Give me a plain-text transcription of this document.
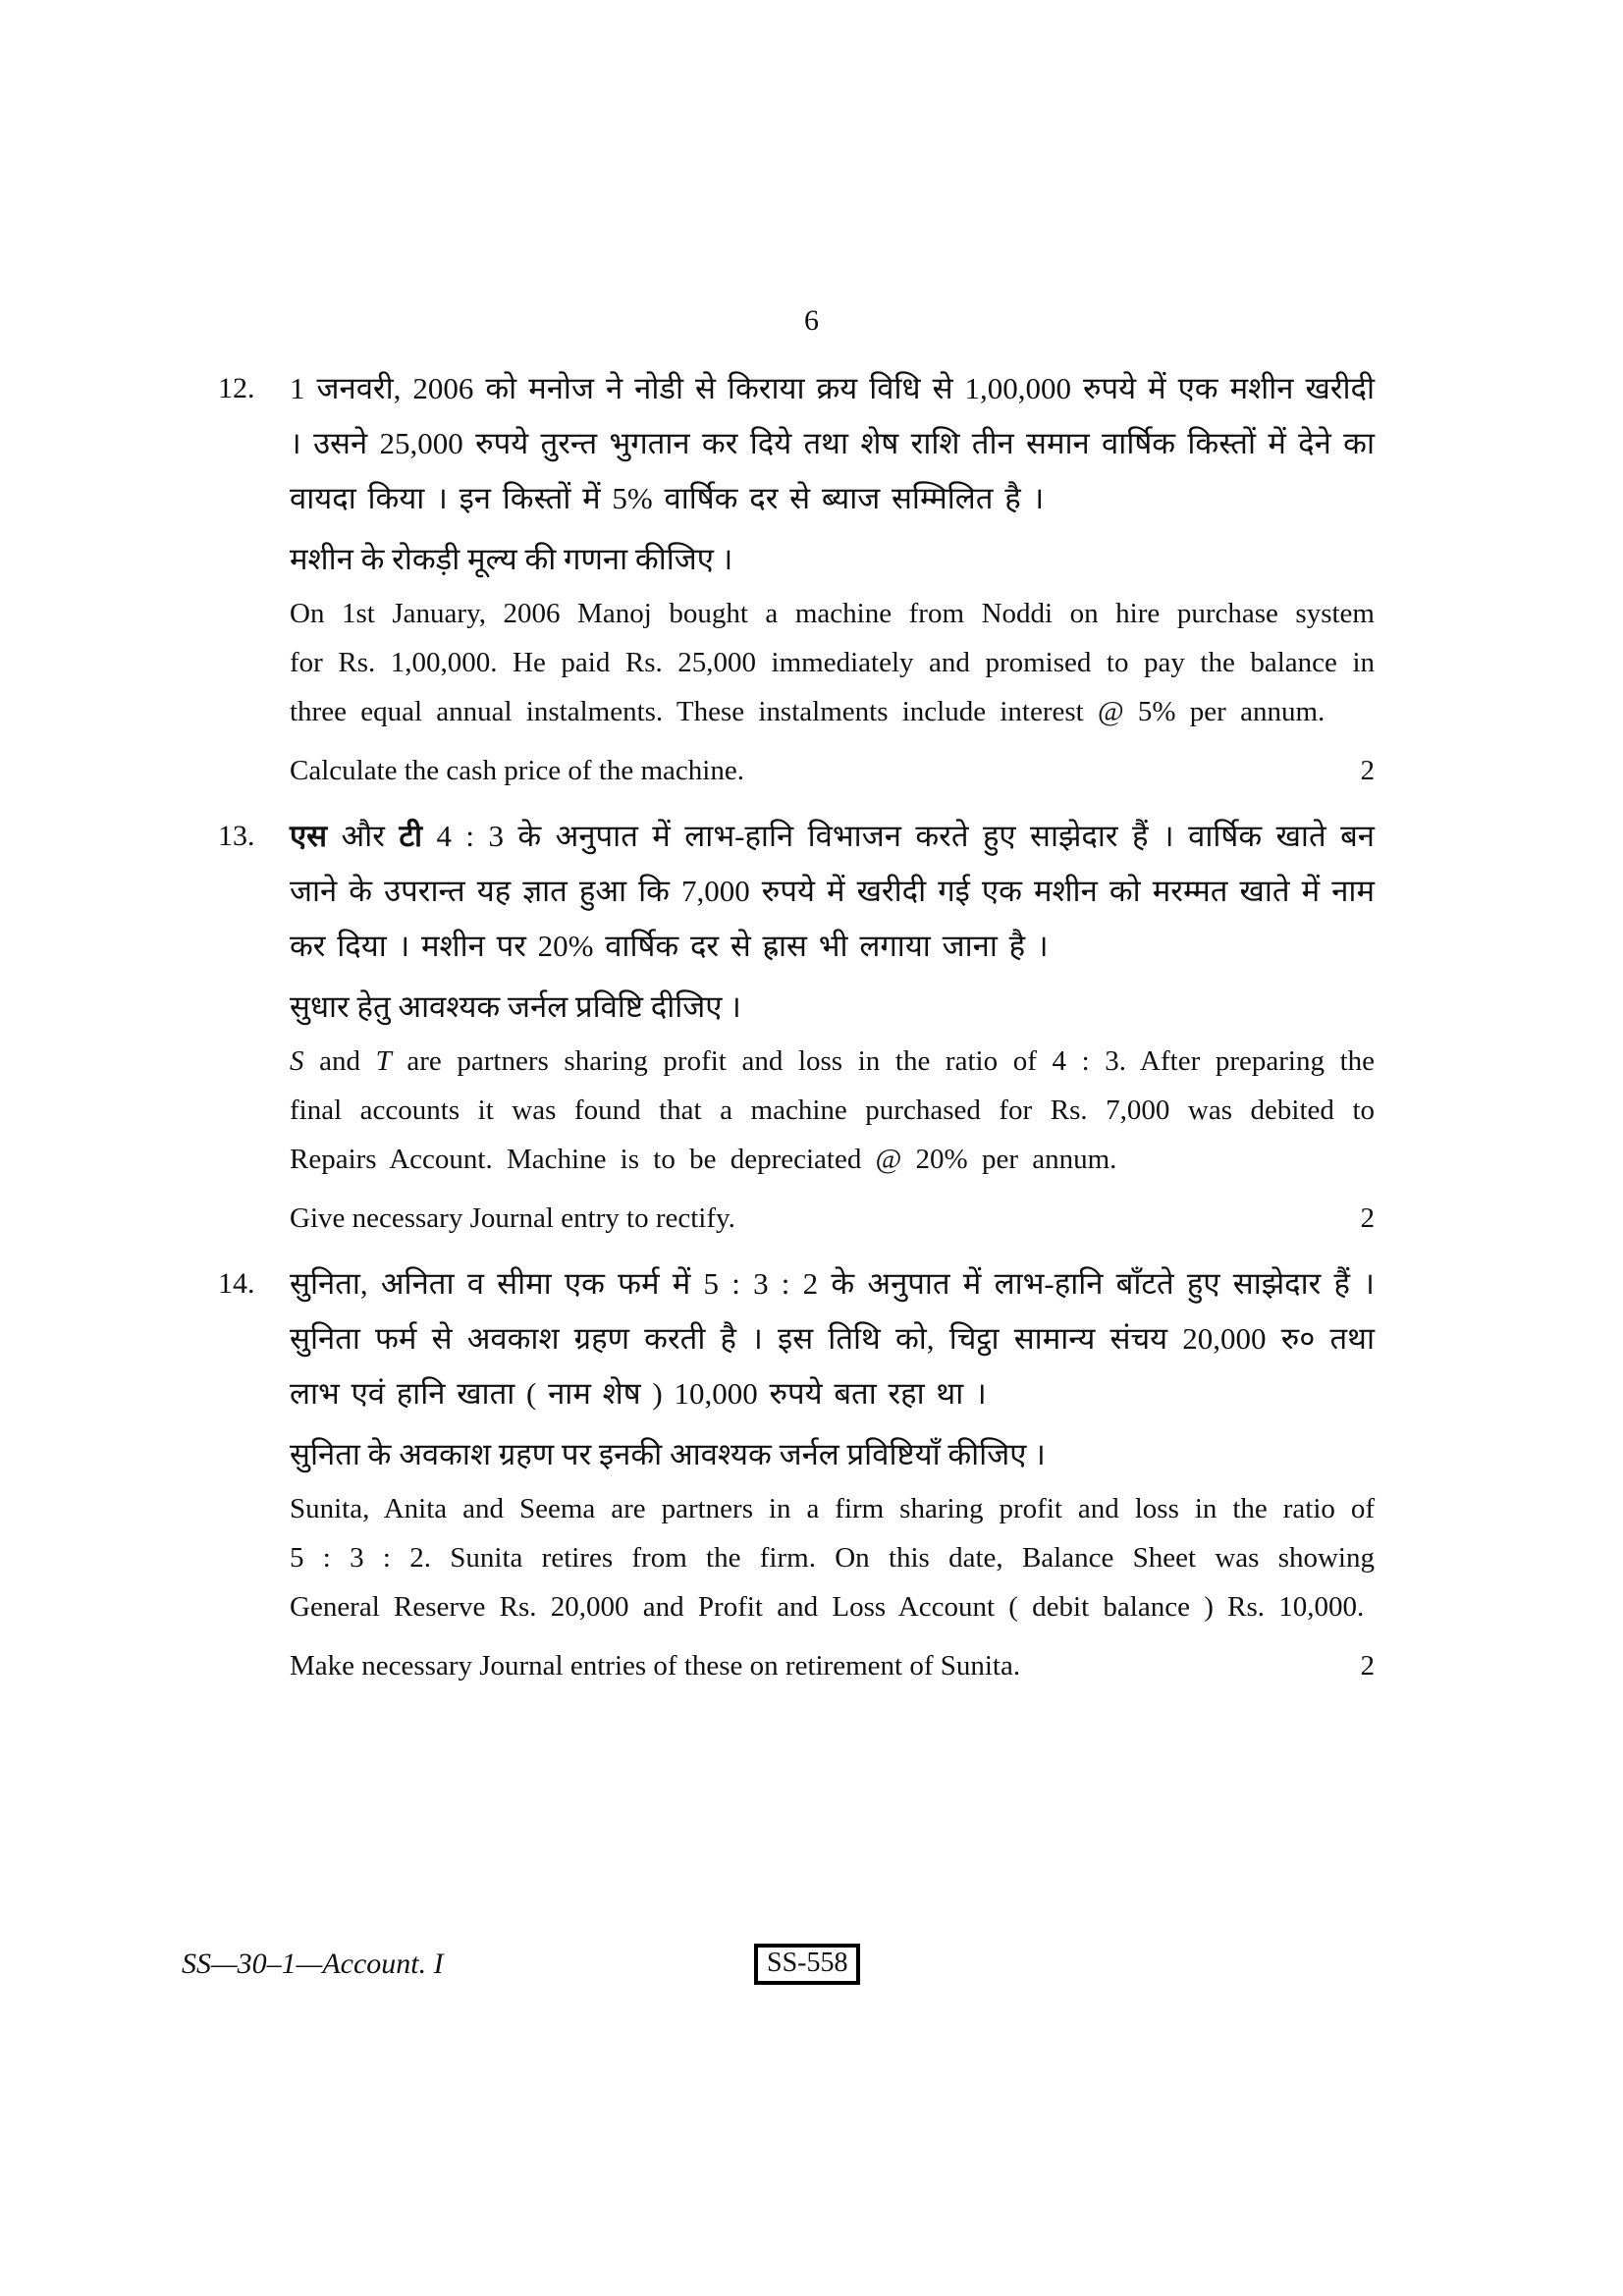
6
12.	1 जनवरी, 2006 को मनोज ने नोडी से किराया क्रय विधि से 1,00,000 रुपये में एक मशीन खरीदी । उसने 25,000 रुपये तुरन्त भुगतान कर दिये तथा शेष राशि तीन समान वार्षिक किस्तों में देने का वायदा किया । इन किस्तों में 5% वार्षिक दर से ब्याज सम्मिलित है ।
मशीन के रोकड़ी मूल्य की गणना कीजिए ।
On 1st January, 2006 Manoj bought a machine from Noddi on hire purchase system for Rs. 1,00,000. He paid Rs. 25,000 immediately and promised to pay the balance in three equal annual instalments. These instalments include interest @ 5% per annum.
Calculate the cash price of the machine.	2
13.	एस और टी 4 : 3 के अनुपात में लाभ-हानि विभाजन करते हुए साझेदार हैं । वार्षिक खाते बन जाने के उपरान्त यह ज्ञात हुआ कि 7,000 रुपये में खरीदी गई एक मशीन को मरम्मत खाते में नाम कर दिया । मशीन पर 20% वार्षिक दर से ह्रास भी लगाया जाना है ।
सुधार हेतु आवश्यक जर्नल प्रविष्टि दीजिए ।
S and T are partners sharing profit and loss in the ratio of 4 : 3. After preparing the final accounts it was found that a machine purchased for Rs. 7,000 was debited to Repairs Account. Machine is to be depreciated @ 20% per annum.
Give necessary Journal entry to rectify.	2
14.	सुनिता, अनिता व सीमा एक फर्म में 5 : 3 : 2 के अनुपात में लाभ-हानि बाँटते हुए साझेदार हैं । सुनिता फर्म से अवकाश ग्रहण करती है । इस तिथि को, चिट्ठा सामान्य संचय 20,000 रु० तथा लाभ एवं हानि खाता ( नाम शेष ) 10,000 रुपये बता रहा था ।
सुनिता के अवकाश ग्रहण पर इनकी आवश्यक जर्नल प्रविष्टियाँ कीजिए ।
Sunita, Anita and Seema are partners in a firm sharing profit and loss in the ratio of 5 : 3 : 2. Sunita retires from the firm. On this date, Balance Sheet was showing General Reserve Rs. 20,000 and Profit and Loss Account ( debit balance ) Rs. 10,000.
Make necessary Journal entries of these on retirement of Sunita.	2
SS—30–1—Account. I	SS-558
